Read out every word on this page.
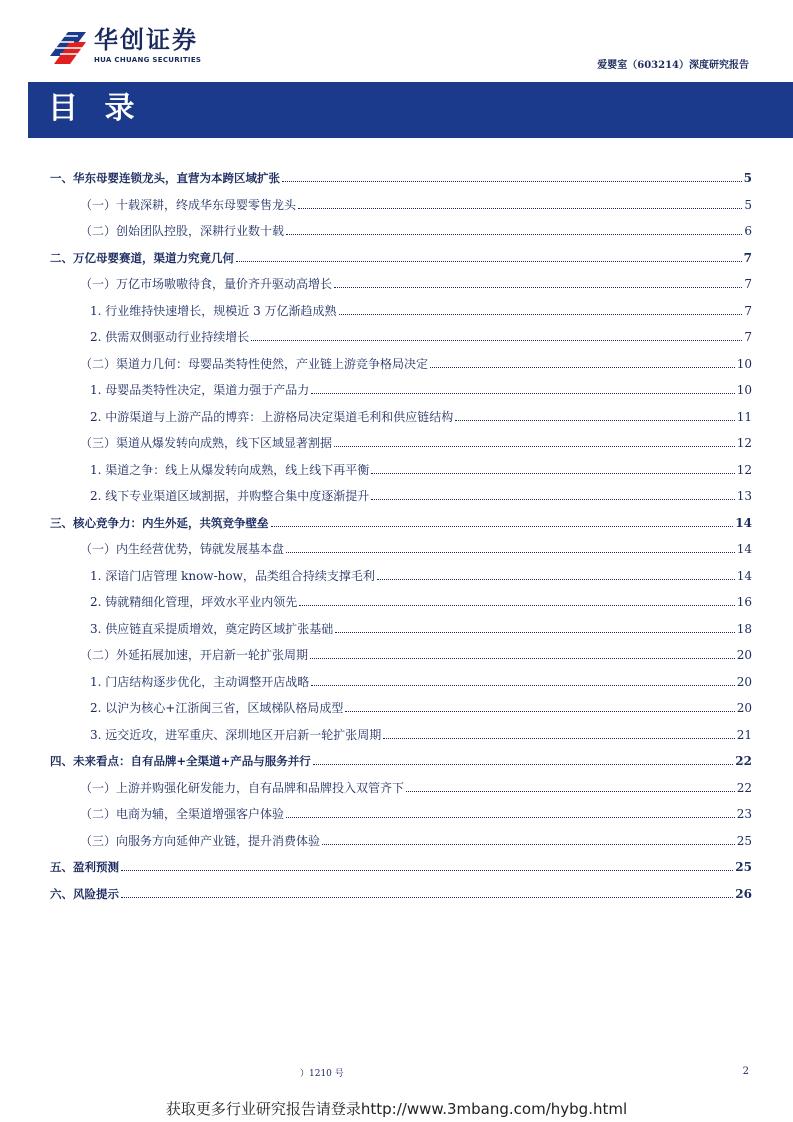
华创证券
HUA CHUANG SECURITIES	爱婴室（603214）深度研究报告
目 录
一、华东母婴连锁龙头，直营为本跨区域扩张	5
（一）十载深耕，终成华东母婴零售龙头	5
（二）创始团队控股，深耕行业数十载	6
二、万亿母婴赛道，渠道力究竟几何	7
（一）万亿市场嗷嗷待食，量价齐升驱动高增长	7
1. 行业维持快速增长，规模近 3 万亿渐趋成熟	7
2. 供需双侧驱动行业持续增长	7
（二）渠道力几何：母婴品类特性使然，产业链上游竞争格局决定	10
1. 母婴品类特性决定，渠道力强于产品力	10
2. 中游渠道与上游产品的博弈：上游格局决定渠道毛利和供应链结构	11
（三）渠道从爆发转向成熟，线下区域显著割据	12
1. 渠道之争：线上从爆发转向成熟，线上线下再平衡	12
2. 线下专业渠道区域割据，并购整合集中度逐渐提升	13
三、核心竞争力：内生外延，共筑竞争壁垒	14
（一）内生经营优势，铸就发展基本盘	14
1. 深谙门店管理 know-how，品类组合持续支撑毛利	14
2. 铸就精细化管理，坪效水平业内领先	16
3. 供应链直采提质增效，奠定跨区域扩张基础	18
（二）外延拓展加速，开启新一轮扩张周期	20
1. 门店结构逐步优化，主动调整开店战略	20
2. 以沪为核心+江浙闽三省，区域梯队格局成型	20
3. 远交近攻，进军重庆、深圳地区开启新一轮扩张周期	21
四、未来看点：自有品牌+全渠道+产品与服务并行	22
（一）上游并购强化研发能力，自有品牌和品牌投入双管齐下	22
（二）电商为辅，全渠道增强客户体验	23
（三）向服务方向延伸产业链，提升消费体验	25
五、盈利预测	25
六、风险提示	26
）1210 号	2
获取更多行业研究报告请登录http://www.3mbang.com/hybg.html
